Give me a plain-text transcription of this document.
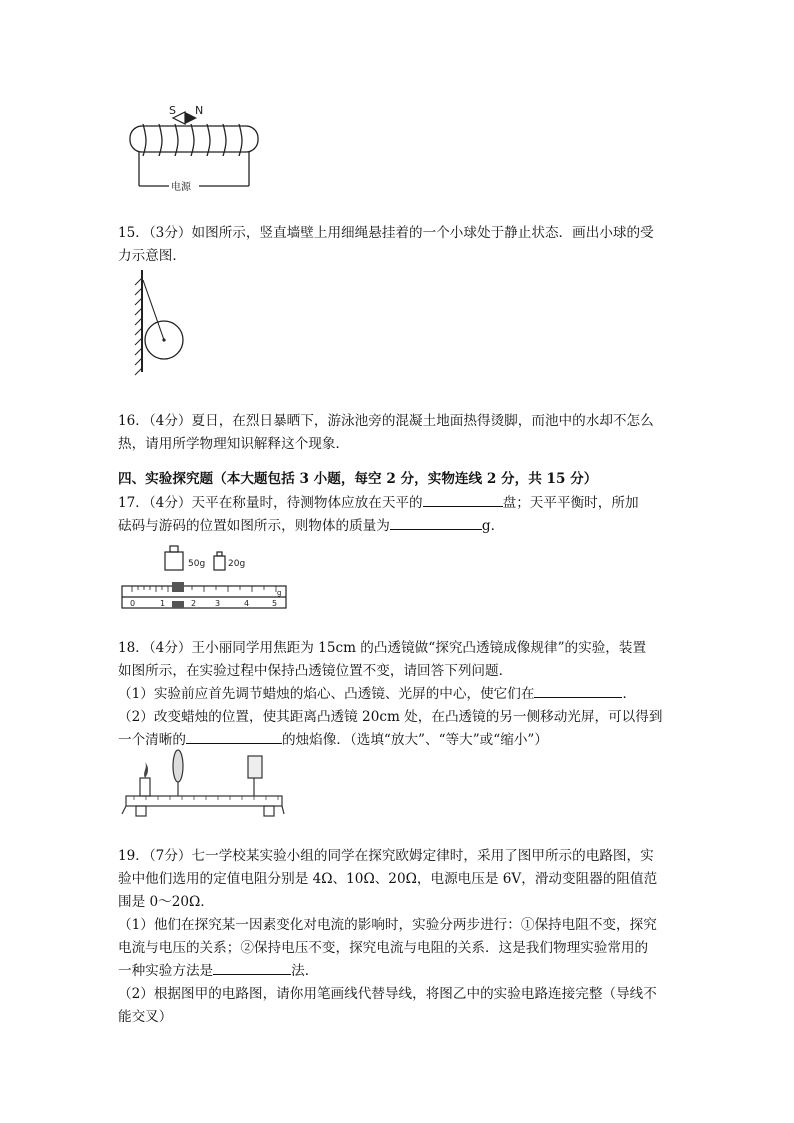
S N
电源
15．（3分）如图所示，竖直墙壁上用细绳悬挂着的一个小球处于静止状态．画出小球的受
力示意图．
16．（4分）夏日，在烈日暴晒下，游泳池旁的混凝土地面热得烫脚，而池中的水却不怎么
热，请用所学物理知识解释这个现象．
四、实验探究题（本大题包括 3 小题，每空 2 分，实物连线 2 分，共 15 分）
17．（4分）天平在称量时，待测物体应放在天平的	盘；天平平衡时，所加
砝码与游码的位置如图所示，则物体的质量为	g．
50g	20g
0	1	2 3	4	5
g
18．（4分）王小丽同学用焦距为 15cm 的凸透镜做“探究凸透镜成像规律”的实验，装置
如图所示，在实验过程中保持凸透镜位置不变，请回答下列问题．
（1）实验前应首先调节蜡烛的焰心、凸透镜、光屏的中心，使它们在	．
（2）改变蜡烛的位置，使其距离凸透镜 20cm 处，在凸透镜的另一侧移动光屏，可以得到
一个清晰的	的烛焰像．（选填“放大”、“等大”或“缩小”）
19．（7分）七一学校某实验小组的同学在探究欧姆定律时，采用了图甲所示的电路图，实
验中他们选用的定值电阻分别是 4Ω、10Ω、20Ω，电源电压是 6V，滑动变阻器的阻值范
围是 0～20Ω．
（1）他们在探究某一因素变化对电流的影响时，实验分两步进行：①保持电阻不变，探究
电流与电压的关系；②保持电压不变，探究电流与电阻的关系．这是我们物理实验常用的
一种实验方法是	法．
（2）根据图甲的电路图，请你用笔画线代替导线，将图乙中的实验电路连接完整（导线不
能交叉）
